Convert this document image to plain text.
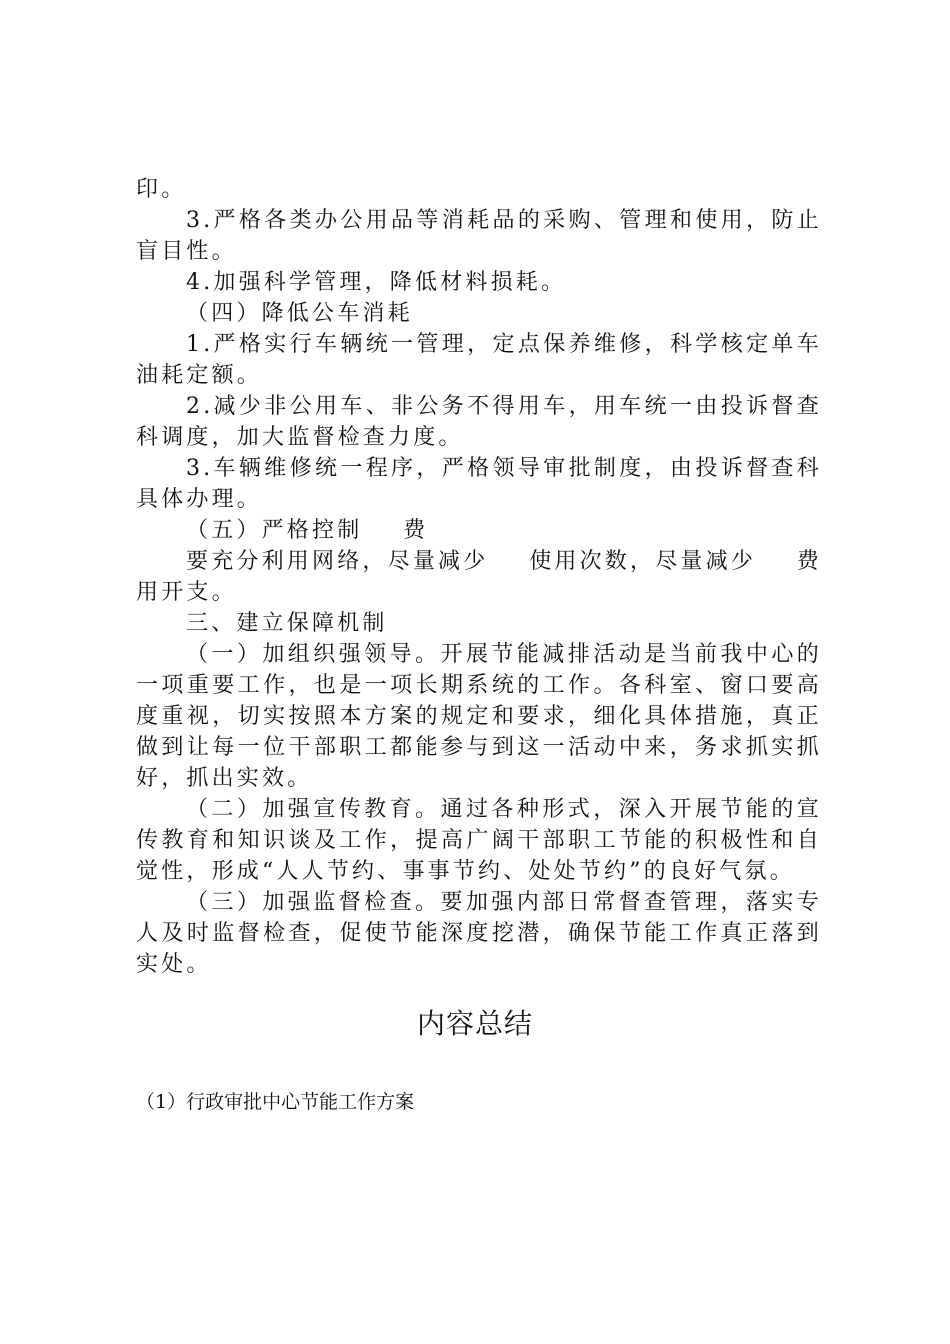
印。

3.严格各类办公用品等消耗品的采购、管理和使用，防止盲目性。

4.加强科学管理，降低材料损耗。

（四）降低公车消耗

1.严格实行车辆统一管理，定点保养维修，科学核定单车油耗定额。

2.减少非公用车、非公务不得用车，用车统一由投诉督查科调度，加大监督检查力度。

3.车辆维修统一程序，严格领导审批制度，由投诉督查科具体办理。

（五）严格控制    费

要充分利用网络，尽量减少    使用次数，尽量减少    费用开支。

三、建立保障机制

（一）加组织强领导。开展节能减排活动是当前我中心的一项重要工作，也是一项长期系统的工作。各科室、窗口要高度重视，切实按照本方案的规定和要求，细化具体措施，真正做到让每一位干部职工都能参与到这一活动中来，务求抓实抓好，抓出实效。

（二）加强宣传教育。通过各种形式，深入开展节能的宣传教育和知识谈及工作，提高广阔干部职工节能的积极性和自觉性，形成“人人节约、事事节约、处处节约”的良好气氛。

（三）加强监督检查。要加强内部日常督查管理，落实专人及时监督检查，促使节能深度挖潜，确保节能工作真正落到实处。

内容总结

（1）行政审批中心节能工作方案
